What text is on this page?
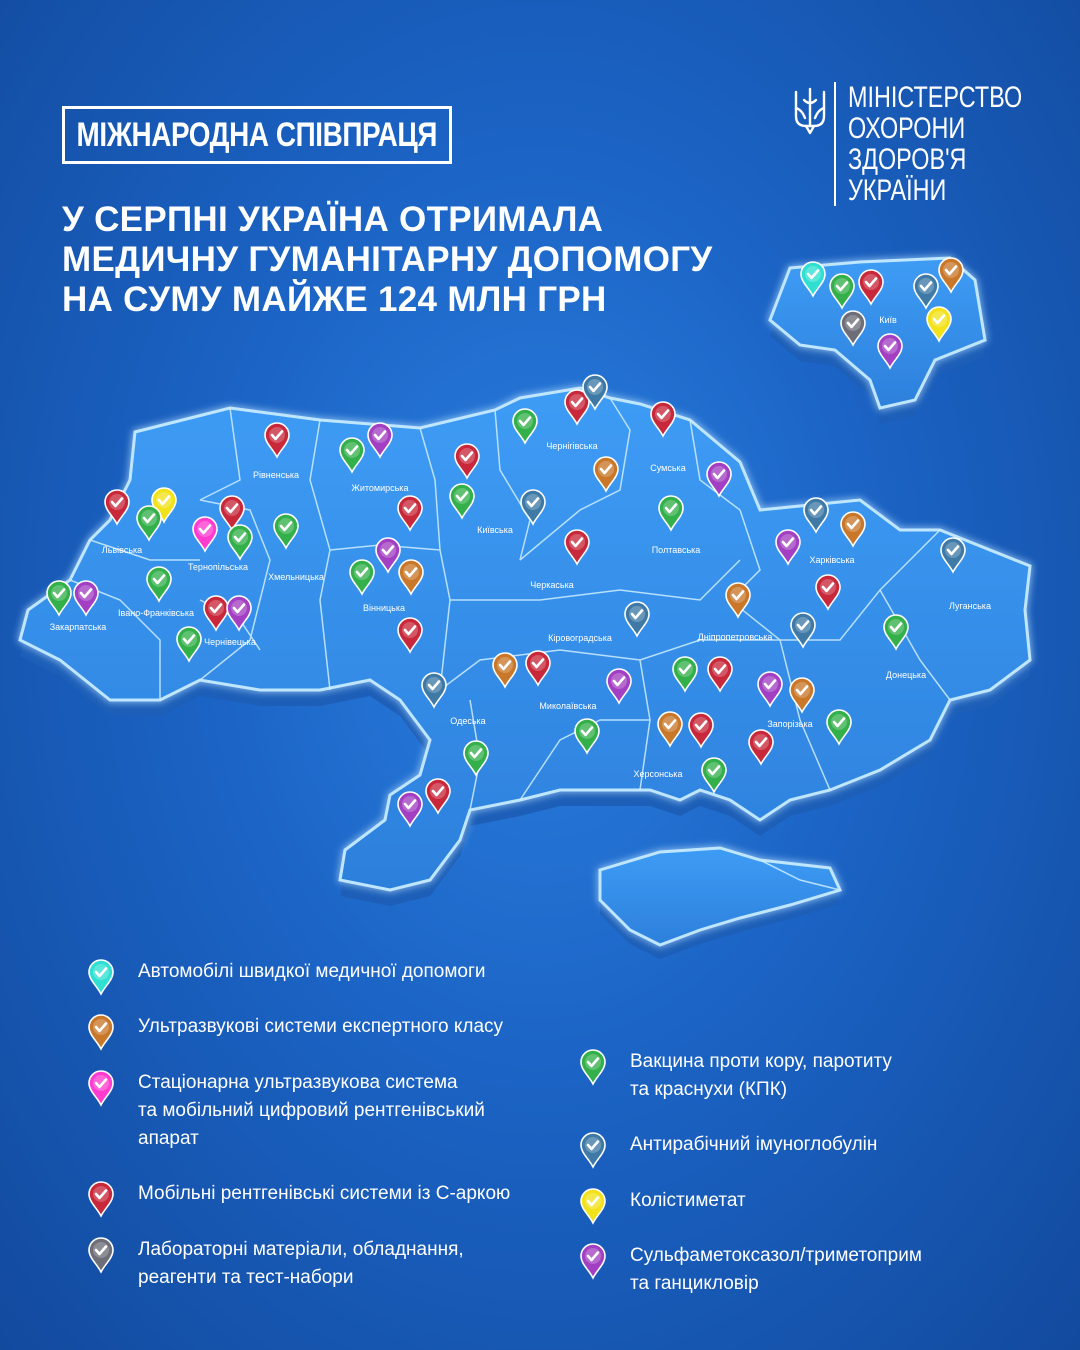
МІЖНАРОДНА СПІВПРАЦЯ
У СЕРПНІ УКРАЇНА ОТРИМАЛА
МЕДИЧНУ ГУМАНІТАРНУ ДОПОМОГУ
НА СУМУ МАЙЖЕ 124 МЛН ГРН
МІНІСТЕРСТВО
ОХОРОНИ
ЗДОРОВ'Я
УКРАЇНИ
Львівська
Рівненська
Житомирська
Київська
Чернігівська
Сумська
Тернопільська
Хмельницька
Вінницька
Черкаська
Полтавська
Харківська
Луганська
Закарпатська
Івано-Франківська
Чернівецька	Кіровоградська	Дніпропетровська
Донецька
Одеська
Миколаївська
Запорізька
Херсонська
Київ
Автомобілі швидкої медичної допомоги
Ультразвукові системи експертного класу
Стаціонарна ультразвукова система
та мобільний цифровий рентгенівський
апарат
Мобільні рентгенівські системи із С-аркою
Лабораторні матеріали, обладнання,
реагенти та тест-набори
Вакцина проти кору, паротиту
та краснухи (КПК)
Антирабічний імуноглобулін
Колістиметат
Сульфаметоксазол/триметоприм
та ганцикловір
